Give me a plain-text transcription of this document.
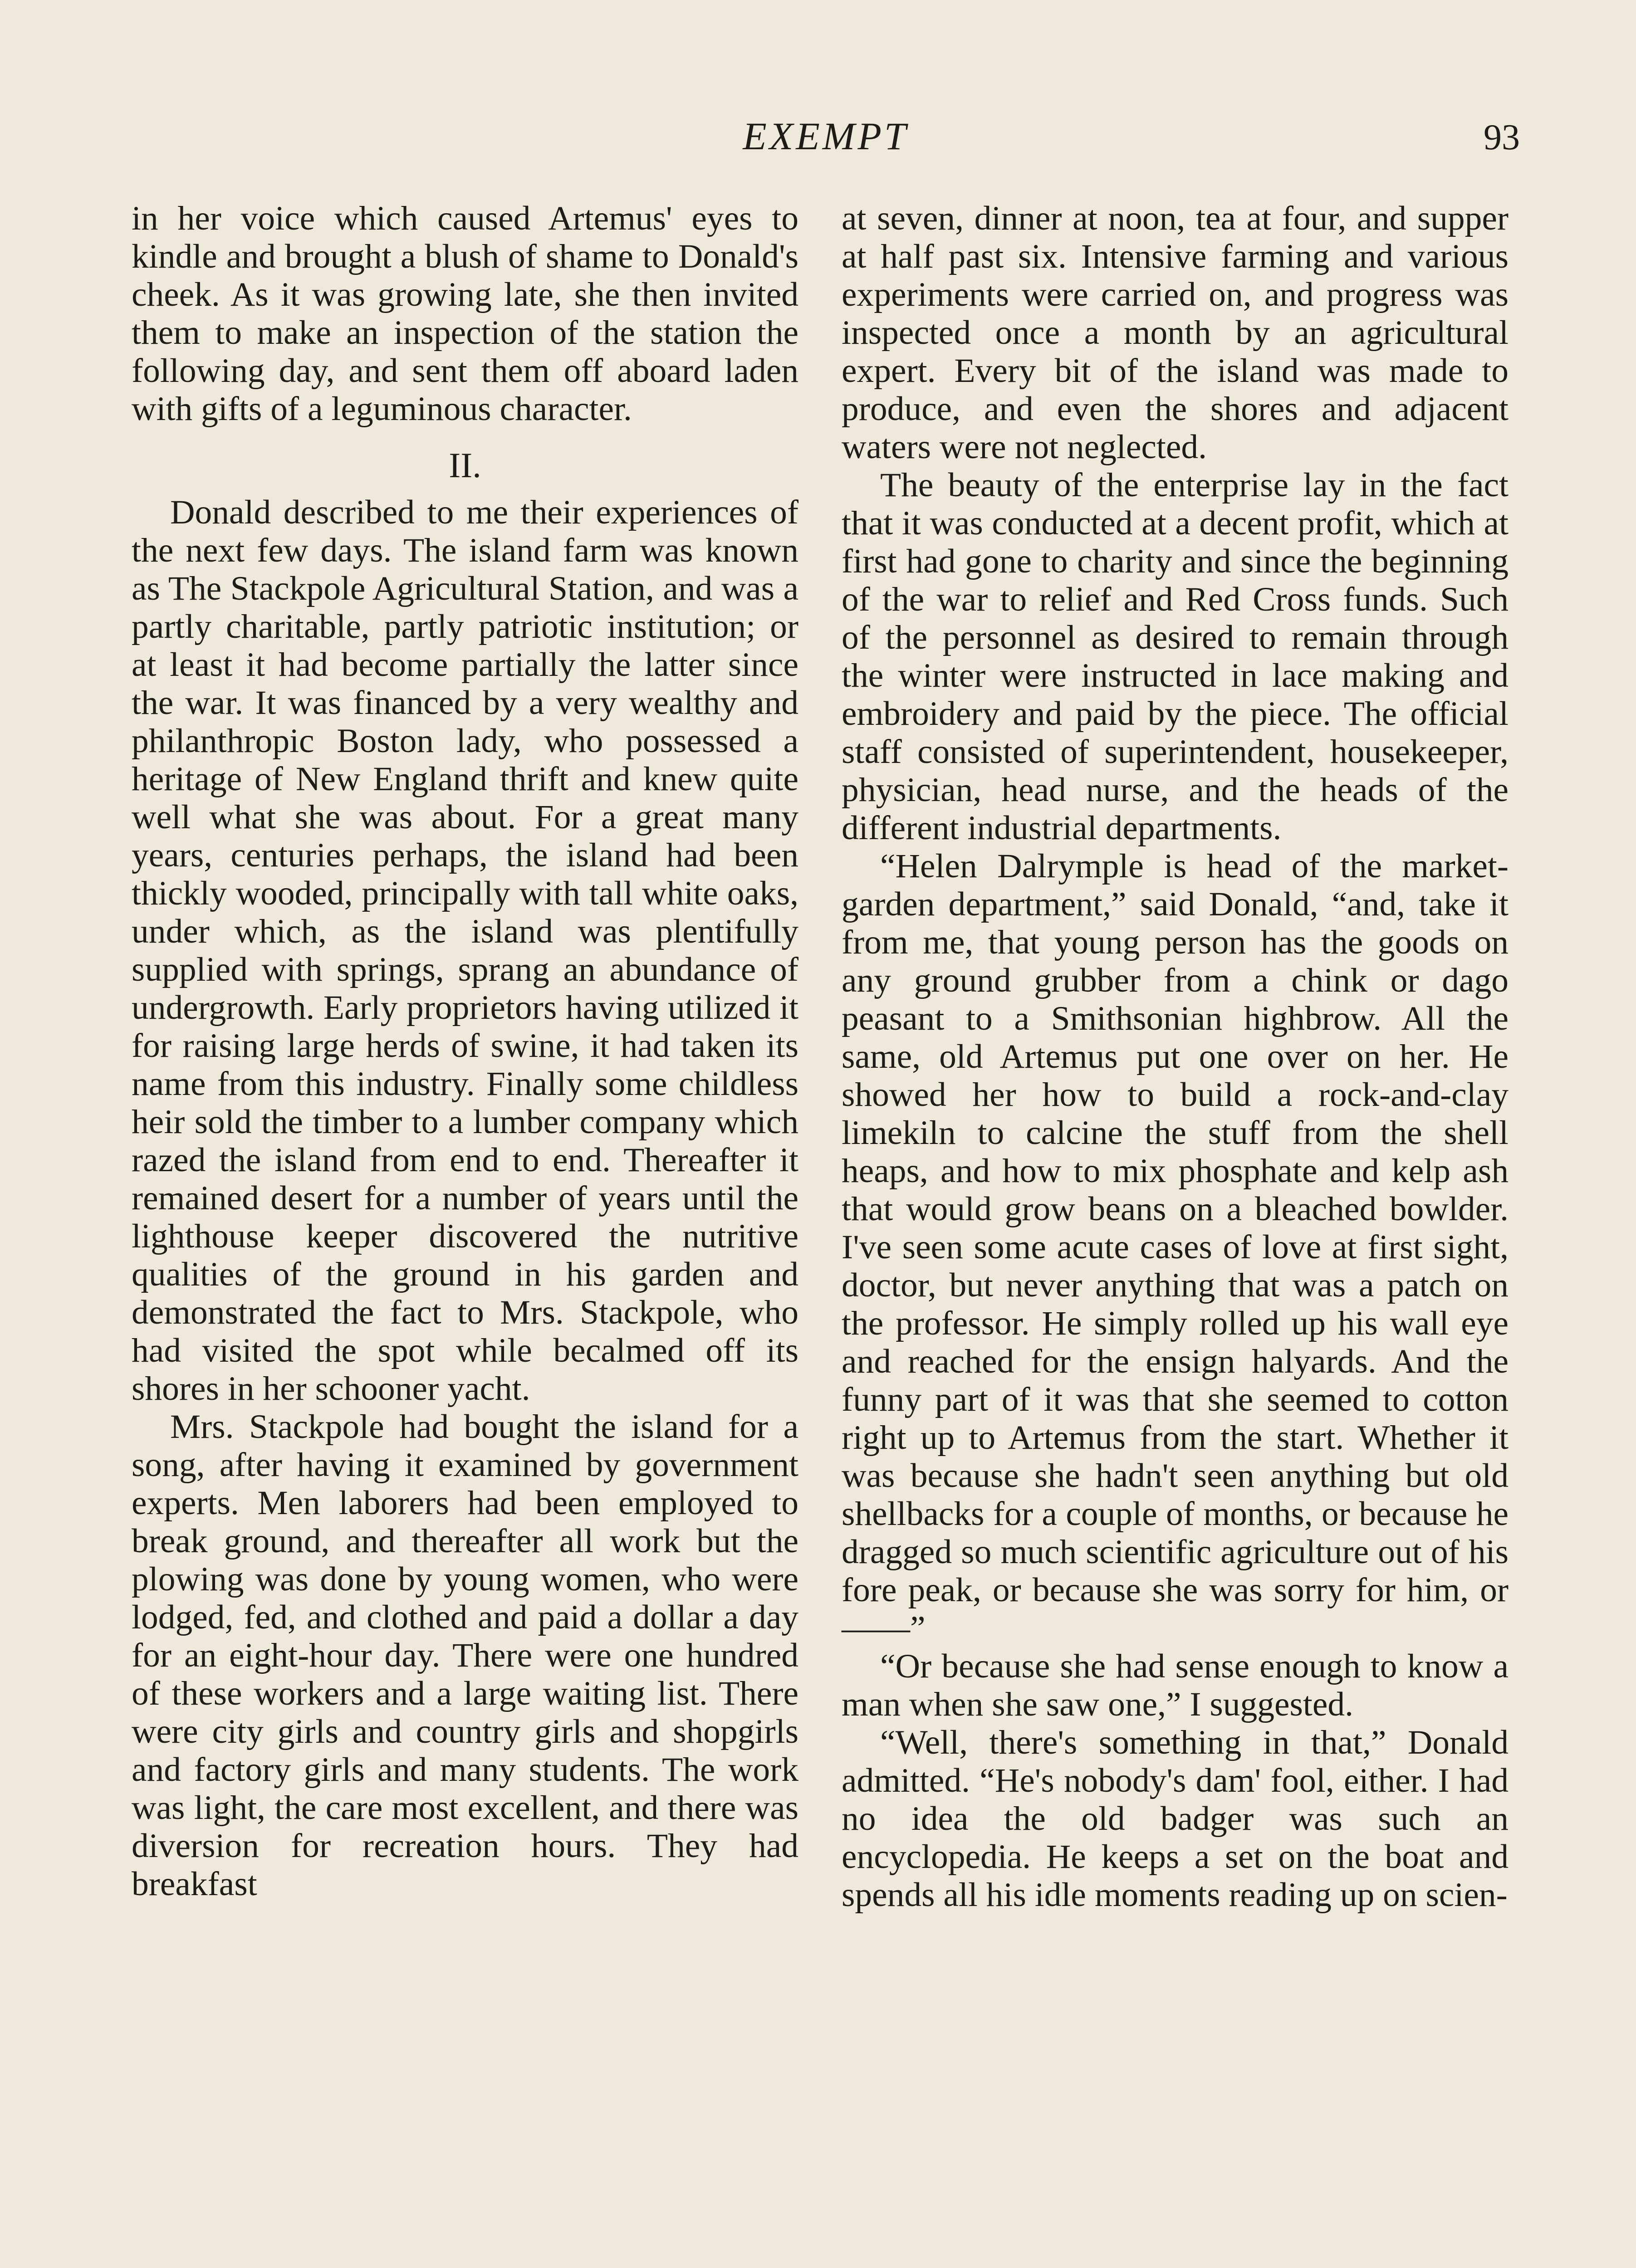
EXEMPT	93

in her voice which caused Artemus' eyes to kindle and brought a blush of shame to Donald's cheek. As it was growing late, she then invited them to make an inspection of the station the following day, and sent them off aboard laden with gifts of a leguminous character.

II.

Donald described to me their experiences of the next few days. The island farm was known as The Stackpole Agricultural Station, and was a partly charitable, partly patriotic institution; or at least it had become partially the latter since the war. It was financed by a very wealthy and philanthropic Boston lady, who possessed a heritage of New England thrift and knew quite well what she was about. For a great many years, centuries perhaps, the island had been thickly wooded, principally with tall white oaks, under which, as the island was plentifully supplied with springs, sprang an abundance of undergrowth. Early proprietors having utilized it for raising large herds of swine, it had taken its name from this industry. Finally some childless heir sold the timber to a lumber company which razed the island from end to end. Thereafter it remained desert for a number of years until the lighthouse keeper discovered the nutritive qualities of the ground in his garden and demonstrated the fact to Mrs. Stackpole, who had visited the spot while becalmed off its shores in her schooner yacht.

Mrs. Stackpole had bought the island for a song, after having it examined by government experts. Men laborers had been employed to break ground, and thereafter all work but the plowing was done by young women, who were lodged, fed, and clothed and paid a dollar a day for an eight-hour day. There were one hundred of these workers and a large waiting list. There were city girls and country girls and shopgirls and factory girls and many students. The work was light, the care most excellent, and there was diversion for recreation hours. They had breakfast

at seven, dinner at noon, tea at four, and supper at half past six. Intensive farming and various experiments were carried on, and progress was inspected once a month by an agricultural expert. Every bit of the island was made to produce, and even the shores and adjacent waters were not neglected.

The beauty of the enterprise lay in the fact that it was conducted at a decent profit, which at first had gone to charity and since the beginning of the war to relief and Red Cross funds. Such of the personnel as desired to remain through the winter were instructed in lace making and embroidery and paid by the piece. The official staff consisted of superintendent, housekeeper, physician, head nurse, and the heads of the different industrial departments.

“Helen Dalrymple is head of the market-garden department,” said Donald, “and, take it from me, that young person has the goods on any ground grubber from a chink or dago peasant to a Smithsonian highbrow. All the same, old Artemus put one over on her. He showed her how to build a rock-and-clay limekiln to calcine the stuff from the shell heaps, and how to mix phosphate and kelp ash that would grow beans on a bleached bowlder. I've seen some acute cases of love at first sight, doctor, but never anything that was a patch on the professor. He simply rolled up his wall eye and reached for the ensign halyards. And the funny part of it was that she seemed to cotton right up to Artemus from the start. Whether it was because she hadn't seen anything but old shellbacks for a couple of months, or because he dragged so much scientific agriculture out of his fore peak, or because she was sorry for him, or——”

“Or because she had sense enough to know a man when she saw one,” I suggested.

“Well, there's something in that,” Donald admitted. “He's nobody's dam' fool, either. I had no idea the old badger was such an encyclopedia. He keeps a set on the boat and spends all his idle moments reading up on scien-
